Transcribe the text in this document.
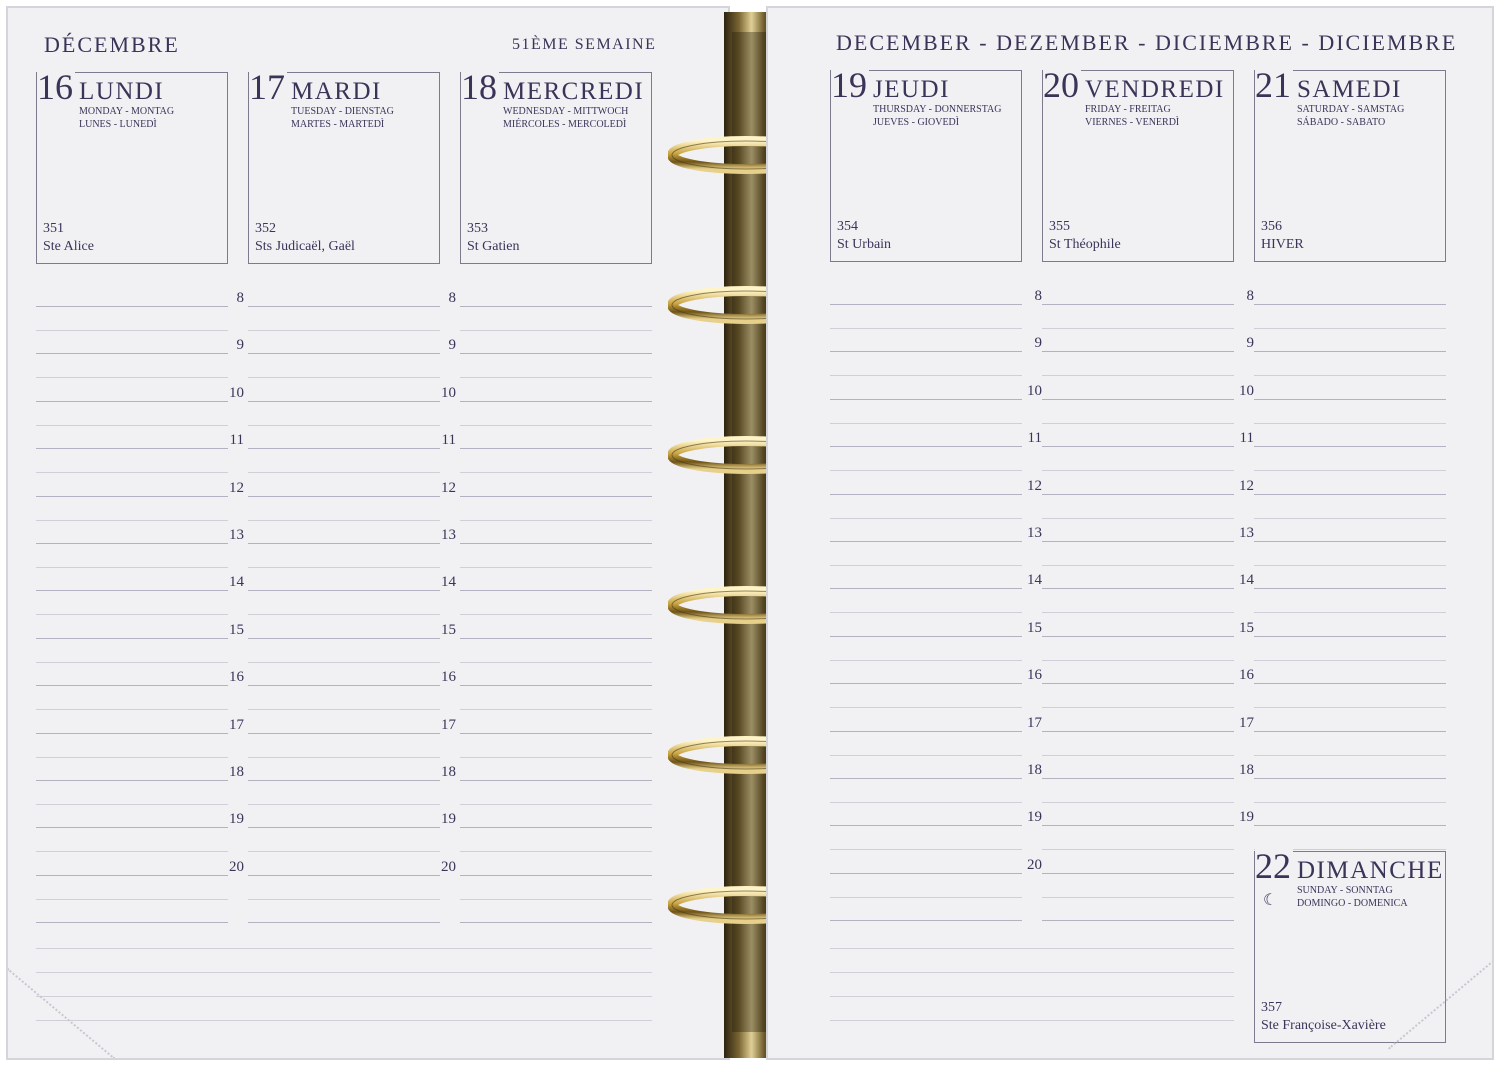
DÉCEMBRE	51ÈME SEMAINE
16 LUNDI
MONDAY - MONTAG
LUNES - LUNEDÌ
351
Ste Alice
17 MARDI
TUESDAY - DIENSTAG
MARTES - MARTEDÌ
352
Sts Judicaël, Gaël
18 MERCREDI
WEDNESDAY - MITTWOCH
MIÉRCOLES - MERCOLEDÌ
353
St Gatien
8
9
10
11
12
13
14
15
16
17
18
19
20
8
9
10
11
12
13
14
15
16
17
18
19
20
DECEMBER - DEZEMBER - DICIEMBRE - DICIEMBRE
19 JEUDI
THURSDAY - DONNERSTAG
JUEVES - GIOVEDÌ
354
St Urbain
20 VENDREDI
FRIDAY - FREITAG
VIERNES - VENERDÌ
355
St Théophile
21 SAMEDI
SATURDAY - SAMSTAG
SÁBADO - SABATO
356
HIVER
8
9
10
11
12
13
14
15
16
17
18
19
20
8
9
10
11
12
13
14
15
16
17
18
19
22 DIMANCHE
SUNDAY - SONNTAG
DOMINGO - DOMENICA
☾
357
Ste Françoise-Xavière
